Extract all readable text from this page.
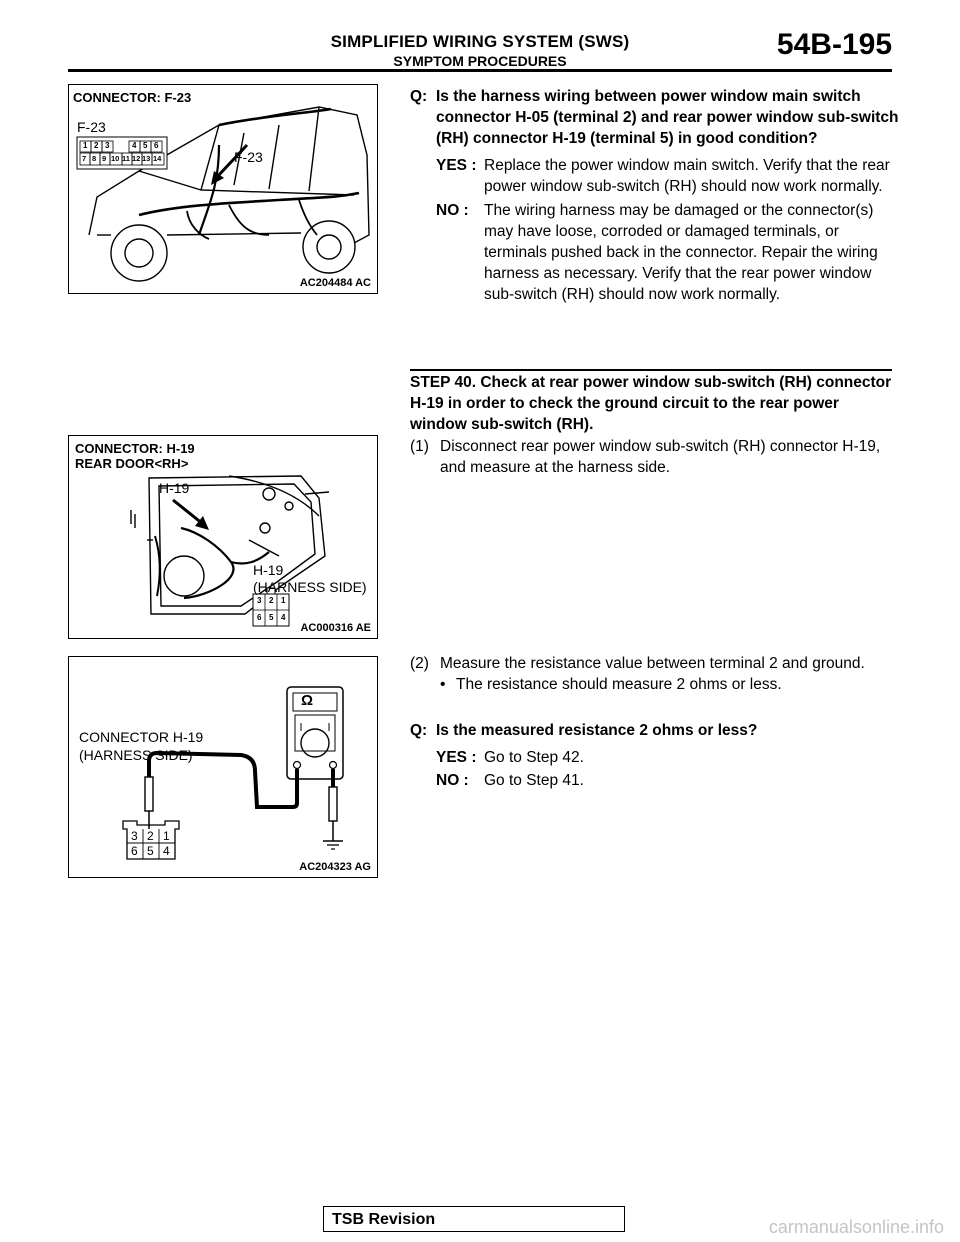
SIMPLIFIED WIRING SYSTEM (SWS)
SYMPTOM PROCEDURES	54B-195
CONNECTOR: F-23
F-23
F-23
1 2 3	4 5 6
7 8 9 10 11 12 13 14
AC204484 AC
CONNECTOR: H-19
REAR DOOR<RH>
H-19
H-19
(HARNESS SIDE)
3 2 1
6 5 4
AC000316 AE
Ω
CONNECTOR H-19
(HARNESS SIDE)
3 2 1
6 5 4
AC204323 AG
Q: Is the harness wiring between power window main switch connector H-05 (terminal 2) and rear power window sub-switch (RH) connector H-19 (terminal 5) in good condition?
YES : Replace the power window main switch. Verify that the rear power window sub-switch (RH) should now work normally.
NO : The wiring harness may be damaged or the connector(s) may have loose, corroded or damaged terminals, or terminals pushed back in the connector. Repair the wiring harness as necessary. Verify that the rear power window sub-switch (RH) should now work normally.
STEP 40. Check at rear power window sub-switch (RH) connector H-19 in order to check the ground circuit to the rear power window sub-switch (RH).
(1) Disconnect rear power window sub-switch (RH) connector H-19, and measure at the harness side.
(2) Measure the resistance value between terminal 2 and ground.
• The resistance should measure 2 ohms or less.
Q: Is the measured resistance 2 ohms or less?
YES : Go to Step 42.
NO : Go to Step 41.
TSB Revision	carmanualsonline.info
